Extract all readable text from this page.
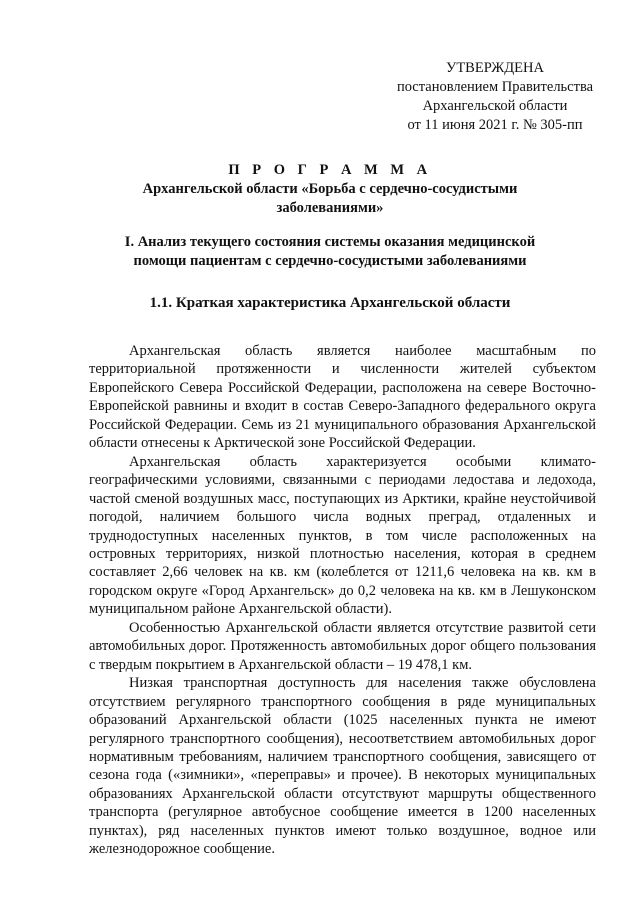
УТВЕРЖДЕНА
постановлением Правительства
Архангельской области
от 11 июня 2021 г. № 305-пп
П Р О Г Р А М М А
Архангельской области «Борьба с сердечно-сосудистыми
заболеваниями»
I. Анализ текущего состояния системы оказания медицинской
помощи пациентам с сердечно-сосудистыми заболеваниями
1.1. Краткая характеристика Архангельской области

Архангельская область является наиболее масштабным по территориальной протяженности и численности жителей субъектом Европейского Севера Российской Федерации, расположена на севере Восточно-Европейской равнины и входит в состав Северо-Западного федерального округа Российской Федерации. Семь из 21 муниципального образования Архангельской области отнесены к Арктической зоне Российской Федерации.

Архангельская область характеризуется особыми климато-географическими условиями, связанными с периодами ледостава и ледохода, частой сменой воздушных масс, поступающих из Арктики, крайне неустойчивой погодой, наличием большого числа водных преград, отдаленных и труднодоступных населенных пунктов, в том числе расположенных на островных территориях, низкой плотностью населения, которая в среднем составляет 2,66 человек на кв. км (колеблется от 1211,6 человека на кв. км в городском округе «Город Архангельск» до 0,2 человека на кв. км в Лешуконском муниципальном районе Архангельской области).

Особенностью Архангельской области является отсутствие развитой сети автомобильных дорог. Протяженность автомобильных дорог общего пользования с твердым покрытием в Архангельской области – 19 478,1 км.

Низкая транспортная доступность для населения также обусловлена отсутствием регулярного транспортного сообщения в ряде муниципальных образований Архангельской области (1025 населенных пункта не имеют регулярного транспортного сообщения), несоответствием автомобильных дорог нормативным требованиям, наличием транспортного сообщения, зависящего от сезона года («зимники», «переправы» и прочее). В некоторых муниципальных образованиях Архангельской области отсутствуют маршруты общественного транспорта (регулярное автобусное сообщение имеется в 1200 населенных пунктах), ряд населенных пунктов имеют только воздушное, водное или железнодорожное сообщение.
